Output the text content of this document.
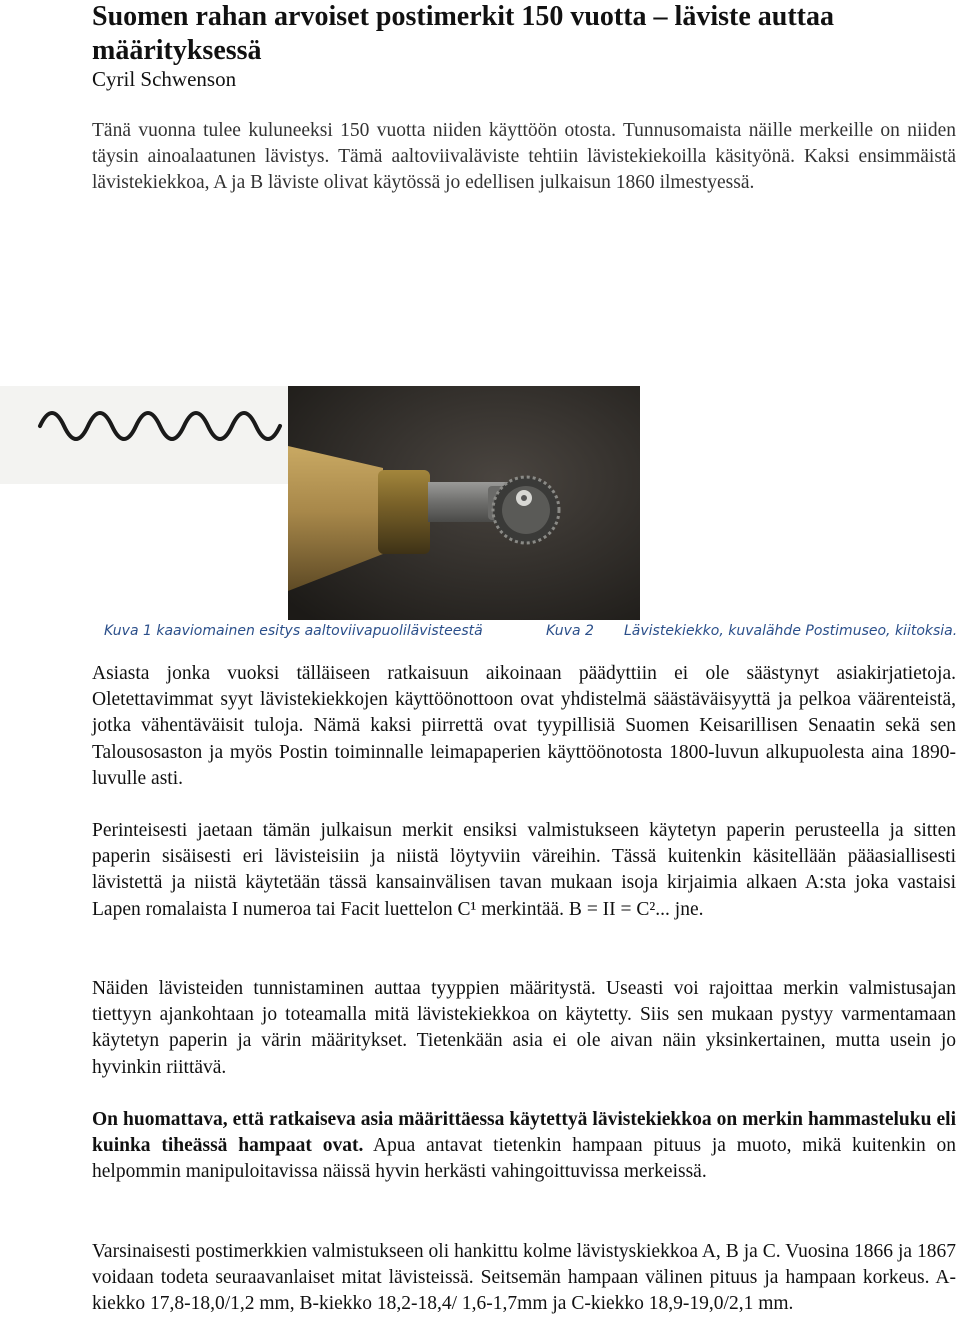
Suomen rahan arvoiset postimerkit 150 vuotta – läviste auttaa määrityksessä
Cyril Schwenson

Tänä vuonna tulee kuluneeksi 150 vuotta niiden käyttöön otosta. Tunnusomaista näille merkeille on niiden täysin ainoalaatunen lävistys. Tämä aaltoviivaläviste tehtiin lävistekiekoilla käsityönä. Kaksi ensimmäistä lävistekiekkoa, A ja B läviste olivat käytössä jo edellisen julkaisun 1860 ilmestyessä.

Kuva 1 kaaviomainen esitys aaltoviivapuolilävisteestä	Kuva 2 Lävistekiekko, kuvalähde Postimuseo, kiitoksia.

Asiasta jonka vuoksi tälläiseen ratkaisuun aikoinaan päädyttiin ei ole säästynyt asiakirjatietoja. Oletettavimmat syyt lävistekiekkojen käyttöönottoon ovat yhdistelmä säästäväisyyttä ja pelkoa väärenteistä, jotka vähentäväisit tuloja. Nämä kaksi piirrettä ovat tyypillisiä Suomen Keisarillisen Senaatin sekä sen Talousosaston ja myös Postin toiminnalle leimapaperien käyttöönotosta 1800-luvun alkupuolesta aina 1890-luvulle asti.

Perinteisesti jaetaan tämän julkaisun merkit ensiksi valmistukseen käytetyn paperin perusteella ja sitten paperin sisäisesti eri lävisteisiin ja niistä löytyviin väreihin. Tässä kuitenkin käsitellään pääasiallisesti lävistettä ja niistä käytetään tässä kansainvälisen tavan mukaan isoja kirjaimia alkaen A:sta joka vastaisi Lapen romalaista I numeroa tai Facit luettelon C¹ merkintää. B = II = C²... jne.

Näiden lävisteiden tunnistaminen auttaa tyyppien määritystä. Useasti voi rajoittaa merkin valmistusajan tiettyyn ajankohtaan jo toteamalla mitä lävistekiekkoa on käytetty. Siis sen mukaan pystyy varmentamaan käytetyn paperin ja värin määritykset. Tietenkään asia ei ole aivan näin yksinkertainen, mutta usein jo hyvinkin riittävä.

On huomattava, että ratkaiseva asia määrittäessa käytettyä lävistekiekkoa on merkin hammasteluku eli kuinka tiheässä hampaat ovat. Apua antavat tietenkin hampaan pituus ja muoto, mikä kuitenkin on helpommin manipuloitavissa näissä hyvin herkästi vahingoittuvissa merkeissä.

Varsinaisesti postimerkkien valmistukseen oli hankittu kolme lävistyskiekkoa A, B ja C. Vuosina 1866 ja 1867 voidaan todeta seuraavanlaiset mitat lävisteissä. Seitsemän hampaan välinen pituus ja hampaan korkeus. A-kiekko 17,8-18,0/1,2 mm, B-kiekko 18,2-18,4/ 1,6-1,7mm ja C-kiekko 18,9-19,0/2,1 mm.
